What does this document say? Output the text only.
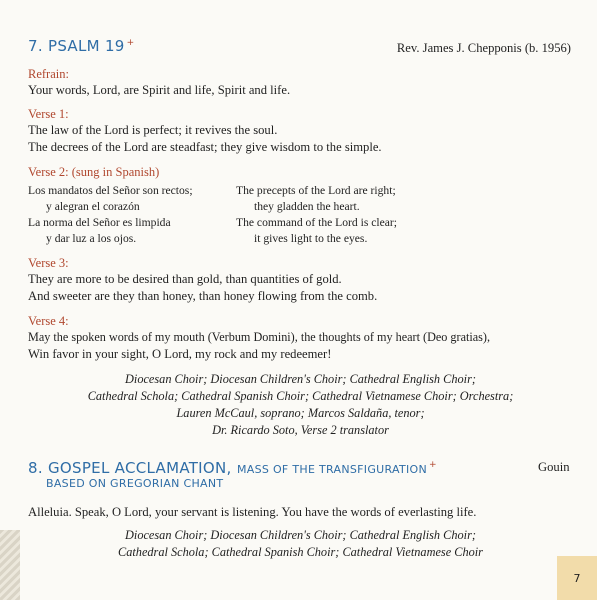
7. PSALM 19 +	Rev. James J. Chepponis (b. 1956)
Refrain:
Your words, Lord, are Spirit and life, Spirit and life.
Verse 1:
The law of the Lord is perfect; it revives the soul.
The decrees of the Lord are steadfast; they give wisdom to the simple.
Verse 2: (sung in Spanish)
Los mandatos del Señor son rectos;
y alegran el corazón
La norma del Señor es limpida
y dar luz a los ojos.
The precepts of the Lord are right;
they gladden the heart.
The command of the Lord is clear;
it gives light to the eyes.
Verse 3:
They are more to be desired than gold, than quantities of gold.
And sweeter are they than honey, than honey flowing from the comb.
Verse 4:
May the spoken words of my mouth (Verbum Domini), the thoughts of my heart (Deo gratias),
Win favor in your sight, O Lord, my rock and my redeemer!
Diocesan Choir; Diocesan Children's Choir; Cathedral English Choir;
Cathedral Schola; Cathedral Spanish Choir; Cathedral Vietnamese Choir; Orchestra;
Lauren McCaul, soprano; Marcos Saldaña, tenor;
Dr. Ricardo Soto, Verse 2 translator
8. GOSPEL ACCLAMATION, MASS OF THE TRANSFIGURATION +
BASED ON GREGORIAN CHANT
Gouin
Alleluia. Speak, O Lord, your servant is listening. You have the words of everlasting life.
Diocesan Choir; Diocesan Children's Choir; Cathedral English Choir;
Cathedral Schola; Cathedral Spanish Choir; Cathedral Vietnamese Choir
7
